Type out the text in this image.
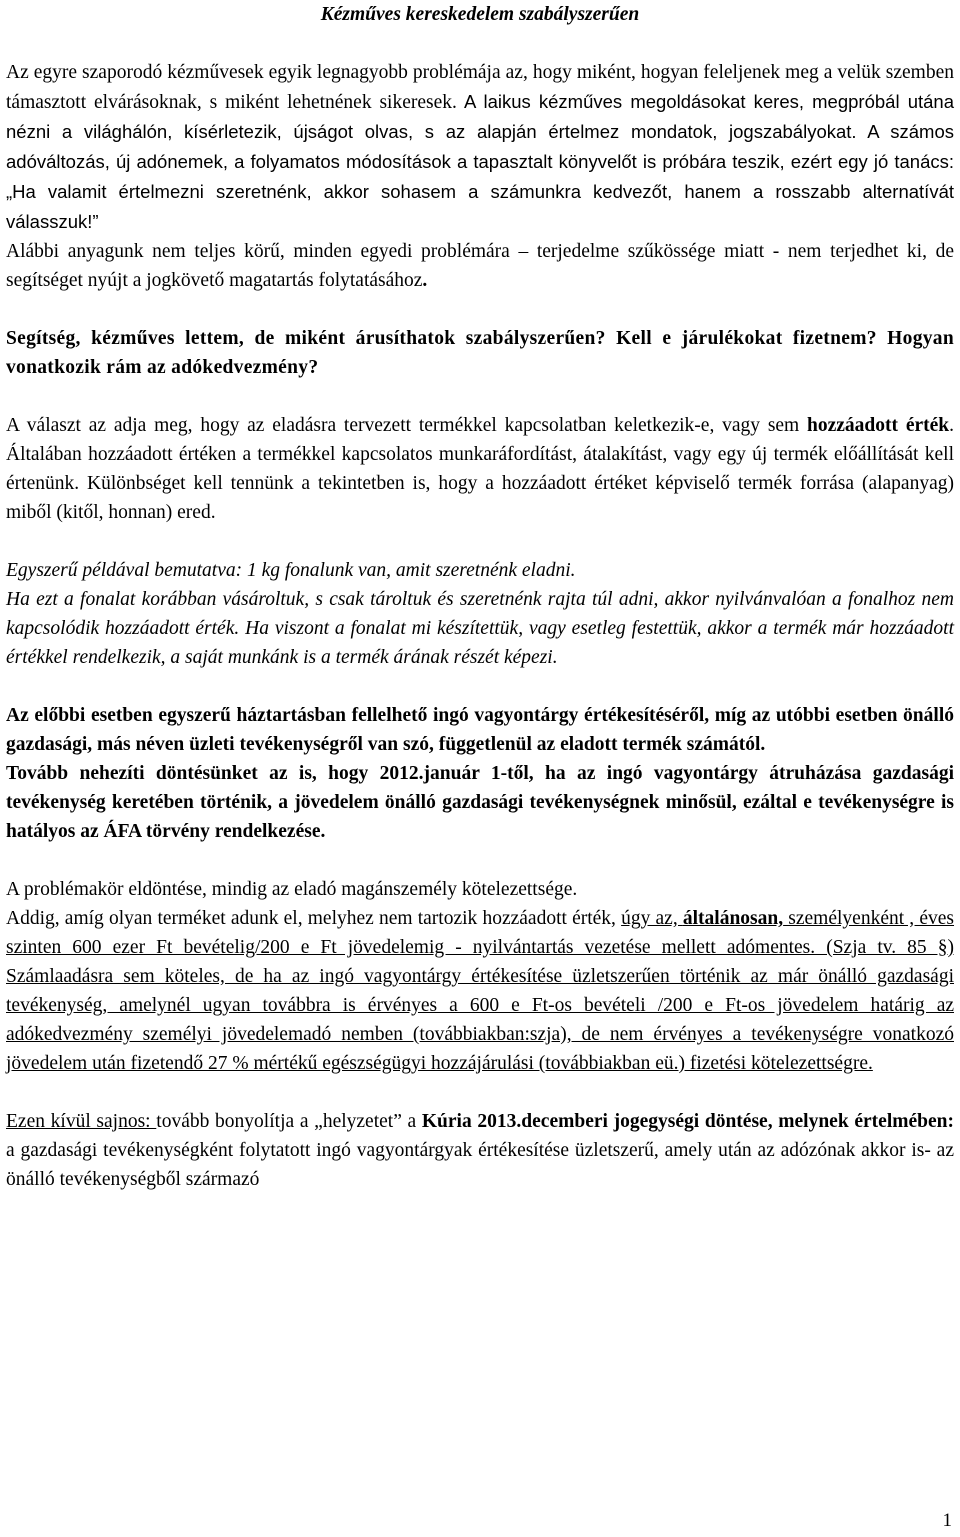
Kézműves kereskedelem szabályszerűen

Az egyre szaporodó kézművesek egyik legnagyobb problémája az, hogy miként, hogyan feleljenek meg a velük szemben támasztott elvárásoknak, s miként lehetnének sikeresek. A laikus kézműves megoldásokat keres, megpróbál utána nézni a világhálón, kísérletezik, újságot olvas, s az alapján értelmez mondatok, jogszabályokat. A számos adóváltozás, új adónemek, a folyamatos módosítások a tapasztalt könyvelőt is próbára teszik, ezért egy jó tanács: „Ha valamit értelmezni szeretnénk, akkor sohasem a számunkra kedvezőt, hanem a rosszabb alternatívát válasszuk!”

Alábbi anyagunk nem teljes körű, minden egyedi problémára – terjedelme szűkössége miatt - nem terjedhet ki, de segítséget nyújt a jogkövető magatartás folytatásához.

Segítség, kézműves lettem, de miként árusíthatok szabályszerűen? Kell e járulékokat fizetnem? Hogyan vonatkozik rám az adókedvezmény?

A választ az adja meg, hogy az eladásra tervezett termékkel kapcsolatban keletkezik-e, vagy sem hozzáadott érték. Általában hozzáadott értéken a termékkel kapcsolatos munkaráfordítást, átalakítást, vagy egy új termék előállítását kell értenünk. Különbséget kell tennünk a tekintetben is, hogy a hozzáadott értéket képviselő termék forrása (alapanyag) miből (kitől, honnan) ered.

Egyszerű példával bemutatva: 1 kg fonalunk van, amit szeretnénk eladni.

Ha ezt a fonalat korábban vásároltuk, s csak tároltuk és szeretnénk rajta túl adni, akkor nyilvánvalóan a fonalhoz nem kapcsolódik hozzáadott érték. Ha viszont a fonalat mi készítettük, vagy esetleg festettük, akkor a termék már hozzáadott értékkel rendelkezik, a saját munkánk is a termék árának részét képezi.

Az előbbi esetben egyszerű háztartásban fellelhető ingó vagyontárgy értékesítéséről, míg az utóbbi esetben önálló gazdasági, más néven üzleti tevékenységről van szó, függetlenül az eladott termék számától.

Tovább nehezíti döntésünket az is, hogy 2012.január 1-től, ha az ingó vagyontárgy átruházása gazdasági tevékenység keretében történik, a jövedelem önálló gazdasági tevékenységnek minősül, ezáltal e tevékenységre is hatályos az ÁFA törvény rendelkezése.

A problémakör eldöntése, mindig az eladó magánszemély kötelezettsége.

Addig, amíg olyan terméket adunk el, melyhez nem tartozik hozzáadott érték, úgy az, általánosan, személyenként , éves szinten 600 ezer Ft bevételig/200 e Ft jövedelemig - nyilvántartás vezetése mellett adómentes. (Szja tv. 85 §) Számlaadásra sem köteles, de ha az ingó vagyontárgy értékesítése üzletszerűen történik az már önálló gazdasági tevékenység, amelynél ugyan továbbra is érvényes a 600 e Ft-os bevételi /200 e Ft-os jövedelem határig az adókedvezmény személyi jövedelemadó nemben (továbbiakban:szja), de nem érvényes a tevékenységre vonatkozó jövedelem után fizetendő 27 % mértékű egészségügyi hozzájárulási (továbbiakban eü.) fizetési kötelezettségre.

Ezen kívül sajnos: tovább bonyolítja a „helyzetet” a Kúria 2013.decemberi jogegységi döntése, melynek értelmében: a gazdasági tevékenységként folytatott ingó vagyontárgyak értékesítése üzletszerű, amely után az adózónak akkor is- az önálló tevékenységből származó

1
